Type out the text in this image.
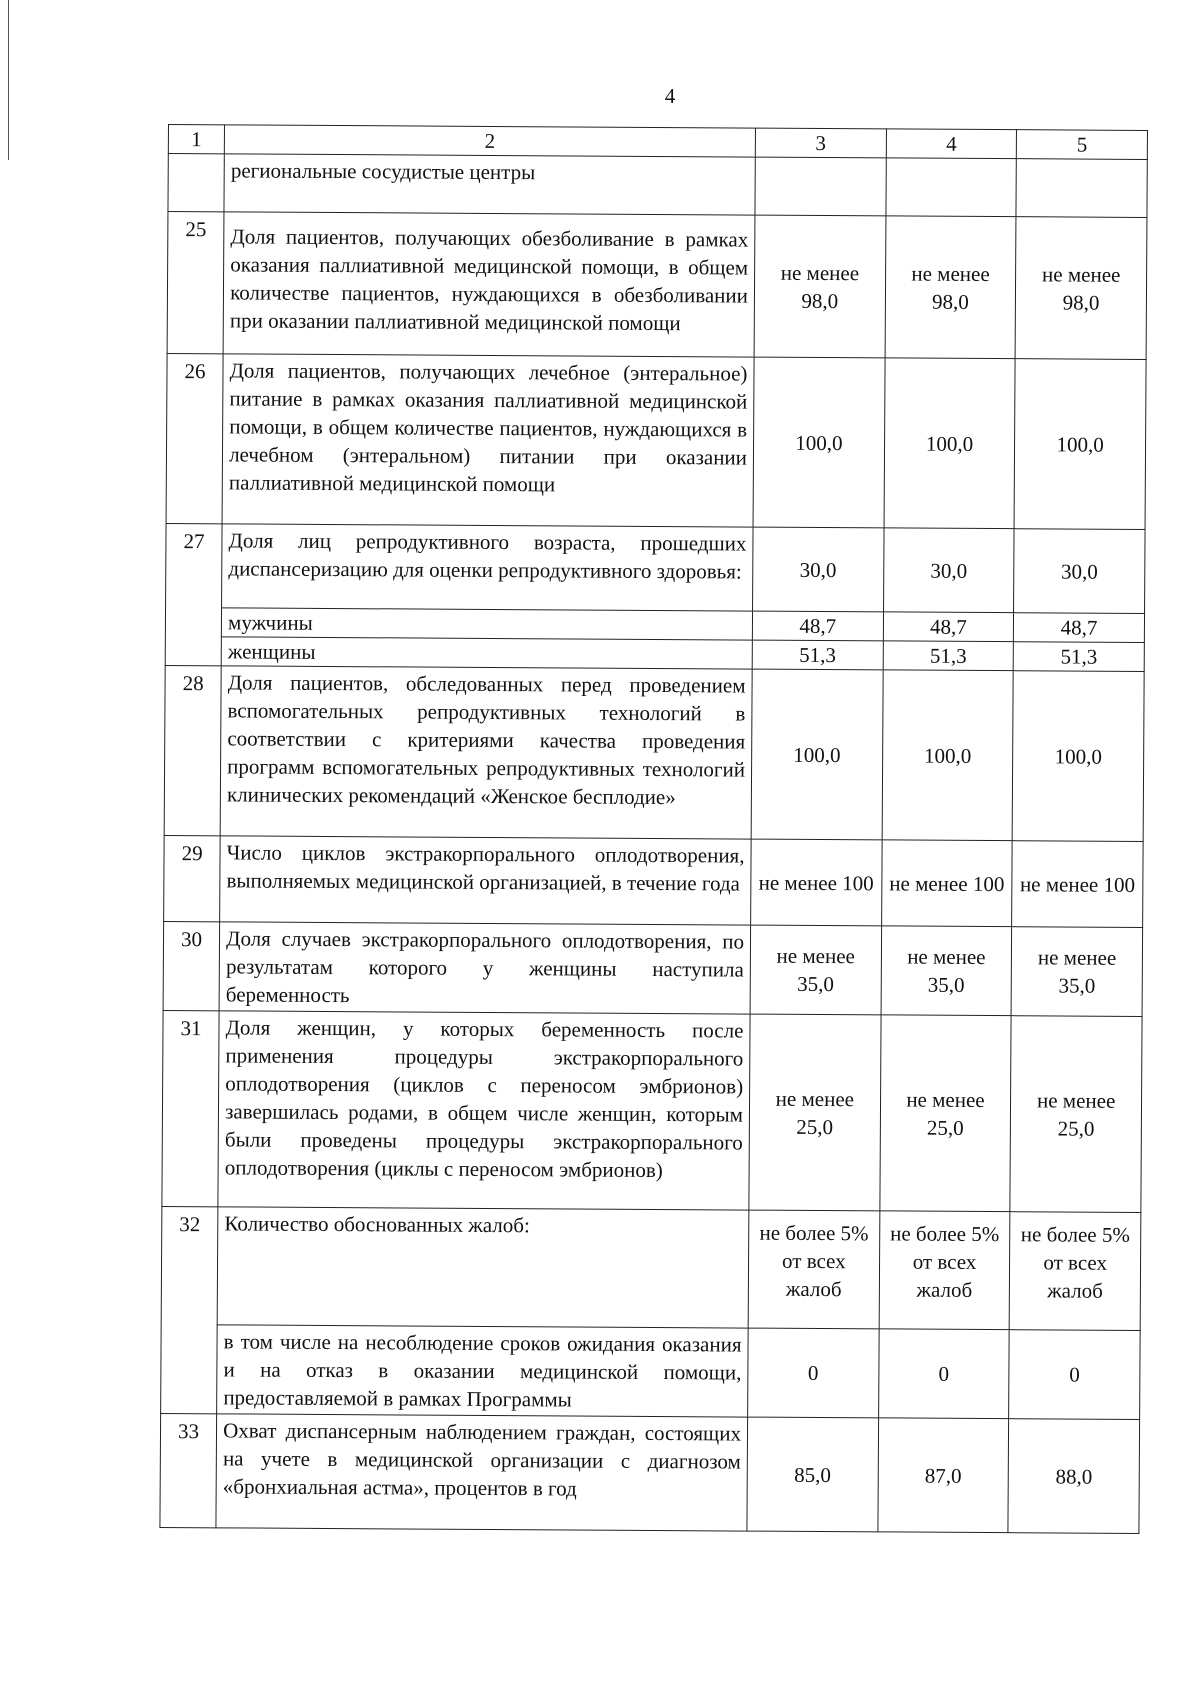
4
1	2	3	4	5
	региональные сосудистые центры			
25	Доля пациентов, получающих обезболивание в рамках оказания паллиативной медицинской помощи, в общем количестве пациентов, нуждающихся в обезболивании при оказании паллиативной медицинской помощи	не менее 98,0	не менее 98,0	не менее 98,0
26	Доля пациентов, получающих лечебное (энтеральное) питание в рамках оказания паллиативной медицинской помощи, в общем количестве пациентов, нуждающихся в лечебном (энтеральном) питании при оказании паллиативной медицинской помощи	100,0	100,0	100,0
27	Доля лиц репродуктивного возраста, прошедших диспансеризацию для оценки репродуктивного здоровья:	30,0	30,0	30,0
	мужчины	48,7	48,7	48,7
	женщины	51,3	51,3	51,3
28	Доля пациентов, обследованных перед проведением вспомогательных репродуктивных технологий в соответствии с критериями качества проведения программ вспомогательных репродуктивных технологий клинических рекомендаций «Женское бесплодие»	100,0	100,0	100,0
29	Число циклов экстракорпорального оплодотворения, выполняемых медицинской организацией, в течение года	не менее 100	не менее 100	не менее 100
30	Доля случаев экстракорпорального оплодотворения, по результатам которого у женщины наступила беременность	не менее 35,0	не менее 35,0	не менее 35,0
31	Доля женщин, у которых беременность после применения процедуры экстракорпорального оплодотворения (циклов с переносом эмбрионов) завершилась родами, в общем числе женщин, которым были проведены процедуры экстракорпорального оплодотворения (циклы с переносом эмбрионов)	не менее 25,0	не менее 25,0	не менее 25,0
32	Количество обоснованных жалоб:	не более 5% от всех жалоб	не более 5% от всех жалоб	не более 5% от всех жалоб
	в том числе на несоблюдение сроков ожидания оказания и на отказ в оказании медицинской помощи, предоставляемой в рамках Программы	0	0	0
33	Охват диспансерным наблюдением граждан, состоящих на учете в медицинской организации с диагнозом «бронхиальная астма», процентов в год	85,0	87,0	88,0
